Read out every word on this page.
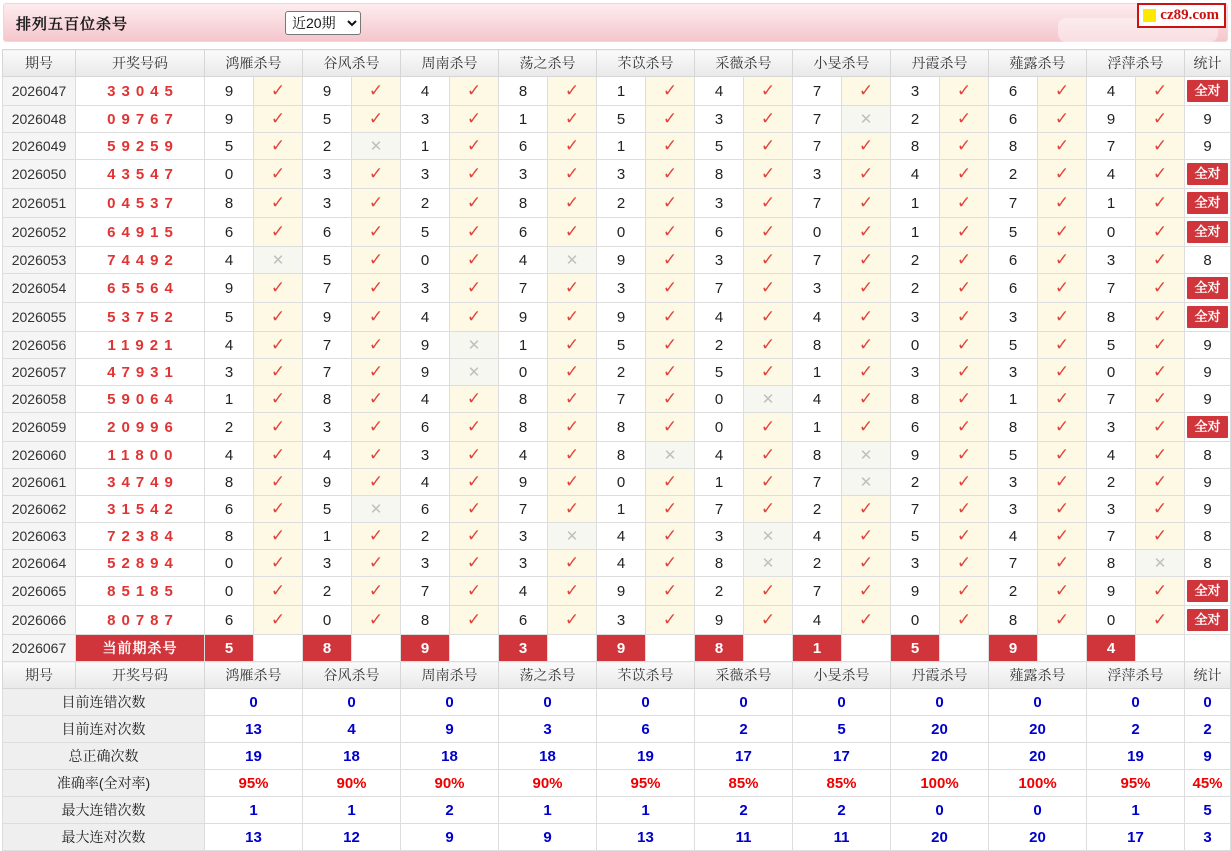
排列五百位杀号
近20期
cz89.com
期号	开奖号码	鸿雁杀号		谷风杀号		周南杀号		荡之杀号		芣苡杀号		采薇杀号		小旻杀号		丹霞杀号		薤露杀号		浮萍杀号		统计
2026047	33045	9	✓	9	✓	4	✓	8	✓	1	✓	4	✓	7	✓	3	✓	6	✓	4	✓	全对

2026048	09767	9	✓	5	✓	3	✓	1	✓	5	✓	3	✓	7	✕	2	✓	6	✓	9	✓	9
2026049	59259	5	✓	2	✕	1	✓	6	✓	1	✓	5	✓	7	✓	8	✓	8	✓	7	✓	9
2026050	43547	0	✓	3	✓	3	✓	3	✓	3	✓	8	✓	3	✓	4	✓	2	✓	4	✓	全对

2026051	04537	8	✓	3	✓	2	✓	8	✓	2	✓	3	✓	7	✓	1	✓	7	✓	1	✓	全对

2026052	64915	6	✓	6	✓	5	✓	6	✓	0	✓	6	✓	0	✓	1	✓	5	✓	0	✓	全对

2026053	74492	4	✕	5	✓	0	✓	4	✕	9	✓	3	✓	7	✓	2	✓	6	✓	3	✓	8
2026054	65564	9	✓	7	✓	3	✓	7	✓	3	✓	7	✓	3	✓	2	✓	6	✓	7	✓	全对

2026055	53752	5	✓	9	✓	4	✓	9	✓	9	✓	4	✓	4	✓	3	✓	3	✓	8	✓	全对

2026056	11921	4	✓	7	✓	9	✕	1	✓	5	✓	2	✓	8	✓	0	✓	5	✓	5	✓	9
2026057	47931	3	✓	7	✓	9	✕	0	✓	2	✓	5	✓	1	✓	3	✓	3	✓	0	✓	9
2026058	59064	1	✓	8	✓	4	✓	8	✓	7	✓	0	✕	4	✓	8	✓	1	✓	7	✓	9
2026059	20996	2	✓	3	✓	6	✓	8	✓	8	✓	0	✓	1	✓	6	✓	8	✓	3	✓	全对

2026060	11800	4	✓	4	✓	3	✓	4	✓	8	✕	4	✓	8	✕	9	✓	5	✓	4	✓	8
2026061	34749	8	✓	9	✓	4	✓	9	✓	0	✓	1	✓	7	✕	2	✓	3	✓	2	✓	9
2026062	31542	6	✓	5	✕	6	✓	7	✓	1	✓	7	✓	2	✓	7	✓	3	✓	3	✓	9
2026063	72384	8	✓	1	✓	2	✓	3	✕	4	✓	3	✕	4	✓	5	✓	4	✓	7	✓	8
2026064	52894	0	✓	3	✓	3	✓	3	✓	4	✓	8	✕	2	✓	3	✓	7	✓	8	✕	8
2026065	85185	0	✓	2	✓	7	✓	4	✓	9	✓	2	✓	7	✓	9	✓	2	✓	9	✓	全对

2026066	80787	6	✓	0	✓	8	✓	6	✓	3	✓	9	✓	4	✓	0	✓	8	✓	0	✓	全对

2026067	当前期杀号	5		8		9		3		9		8		1		5		9		4		
期号	开奖号码	鸿雁杀号		谷风杀号		周南杀号		荡之杀号		芣苡杀号		采薇杀号		小旻杀号		丹霞杀号		薤露杀号		浮萍杀号		统计
目前连错次数		0		0		0		0		0		0		0		0		0		0		0
目前连对次数		13		4		9		3		6		2		5		20		20		2		2
总正确次数		19		18		18		18		19		17		17		20		20		19		9
准确率(全对率)		95%		90%		90%		90%		95%		85%		85%		100%		100%		95%		45%
最大连错次数		1		1		2		1		1		2		2		0		0		1		5
最大连对次数		13		12		9		9		13		11		11		20		20		17		3
